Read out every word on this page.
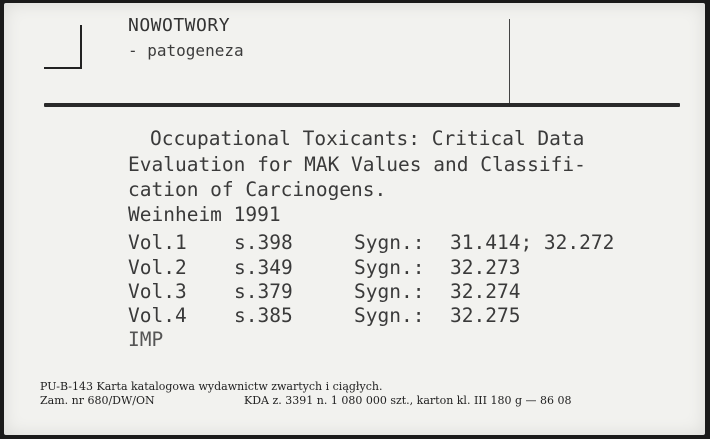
NOWOTWORY
- patogeneza
Occupational Toxicants: Critical Data
Evaluation for MAK Values and Classifi-
cation of Carcinogens.
Weinheim 1991
Vol.1 s.398	Sygn.: 31.414; 32.272
Vol.2 s.349	Sygn.: 32.273
Vol.3 s.379	Sygn.: 32.274
Vol.4 s.385	Sygn.: 32.275
IMP
PU-B-143 Karta katalogowa wydawnictw zwartych i ciągłych.
Zam. nr 680/DW/ON	KDA z. 3391 n. 1 080 000 szt., karton kl. III 180 g — 86 08
